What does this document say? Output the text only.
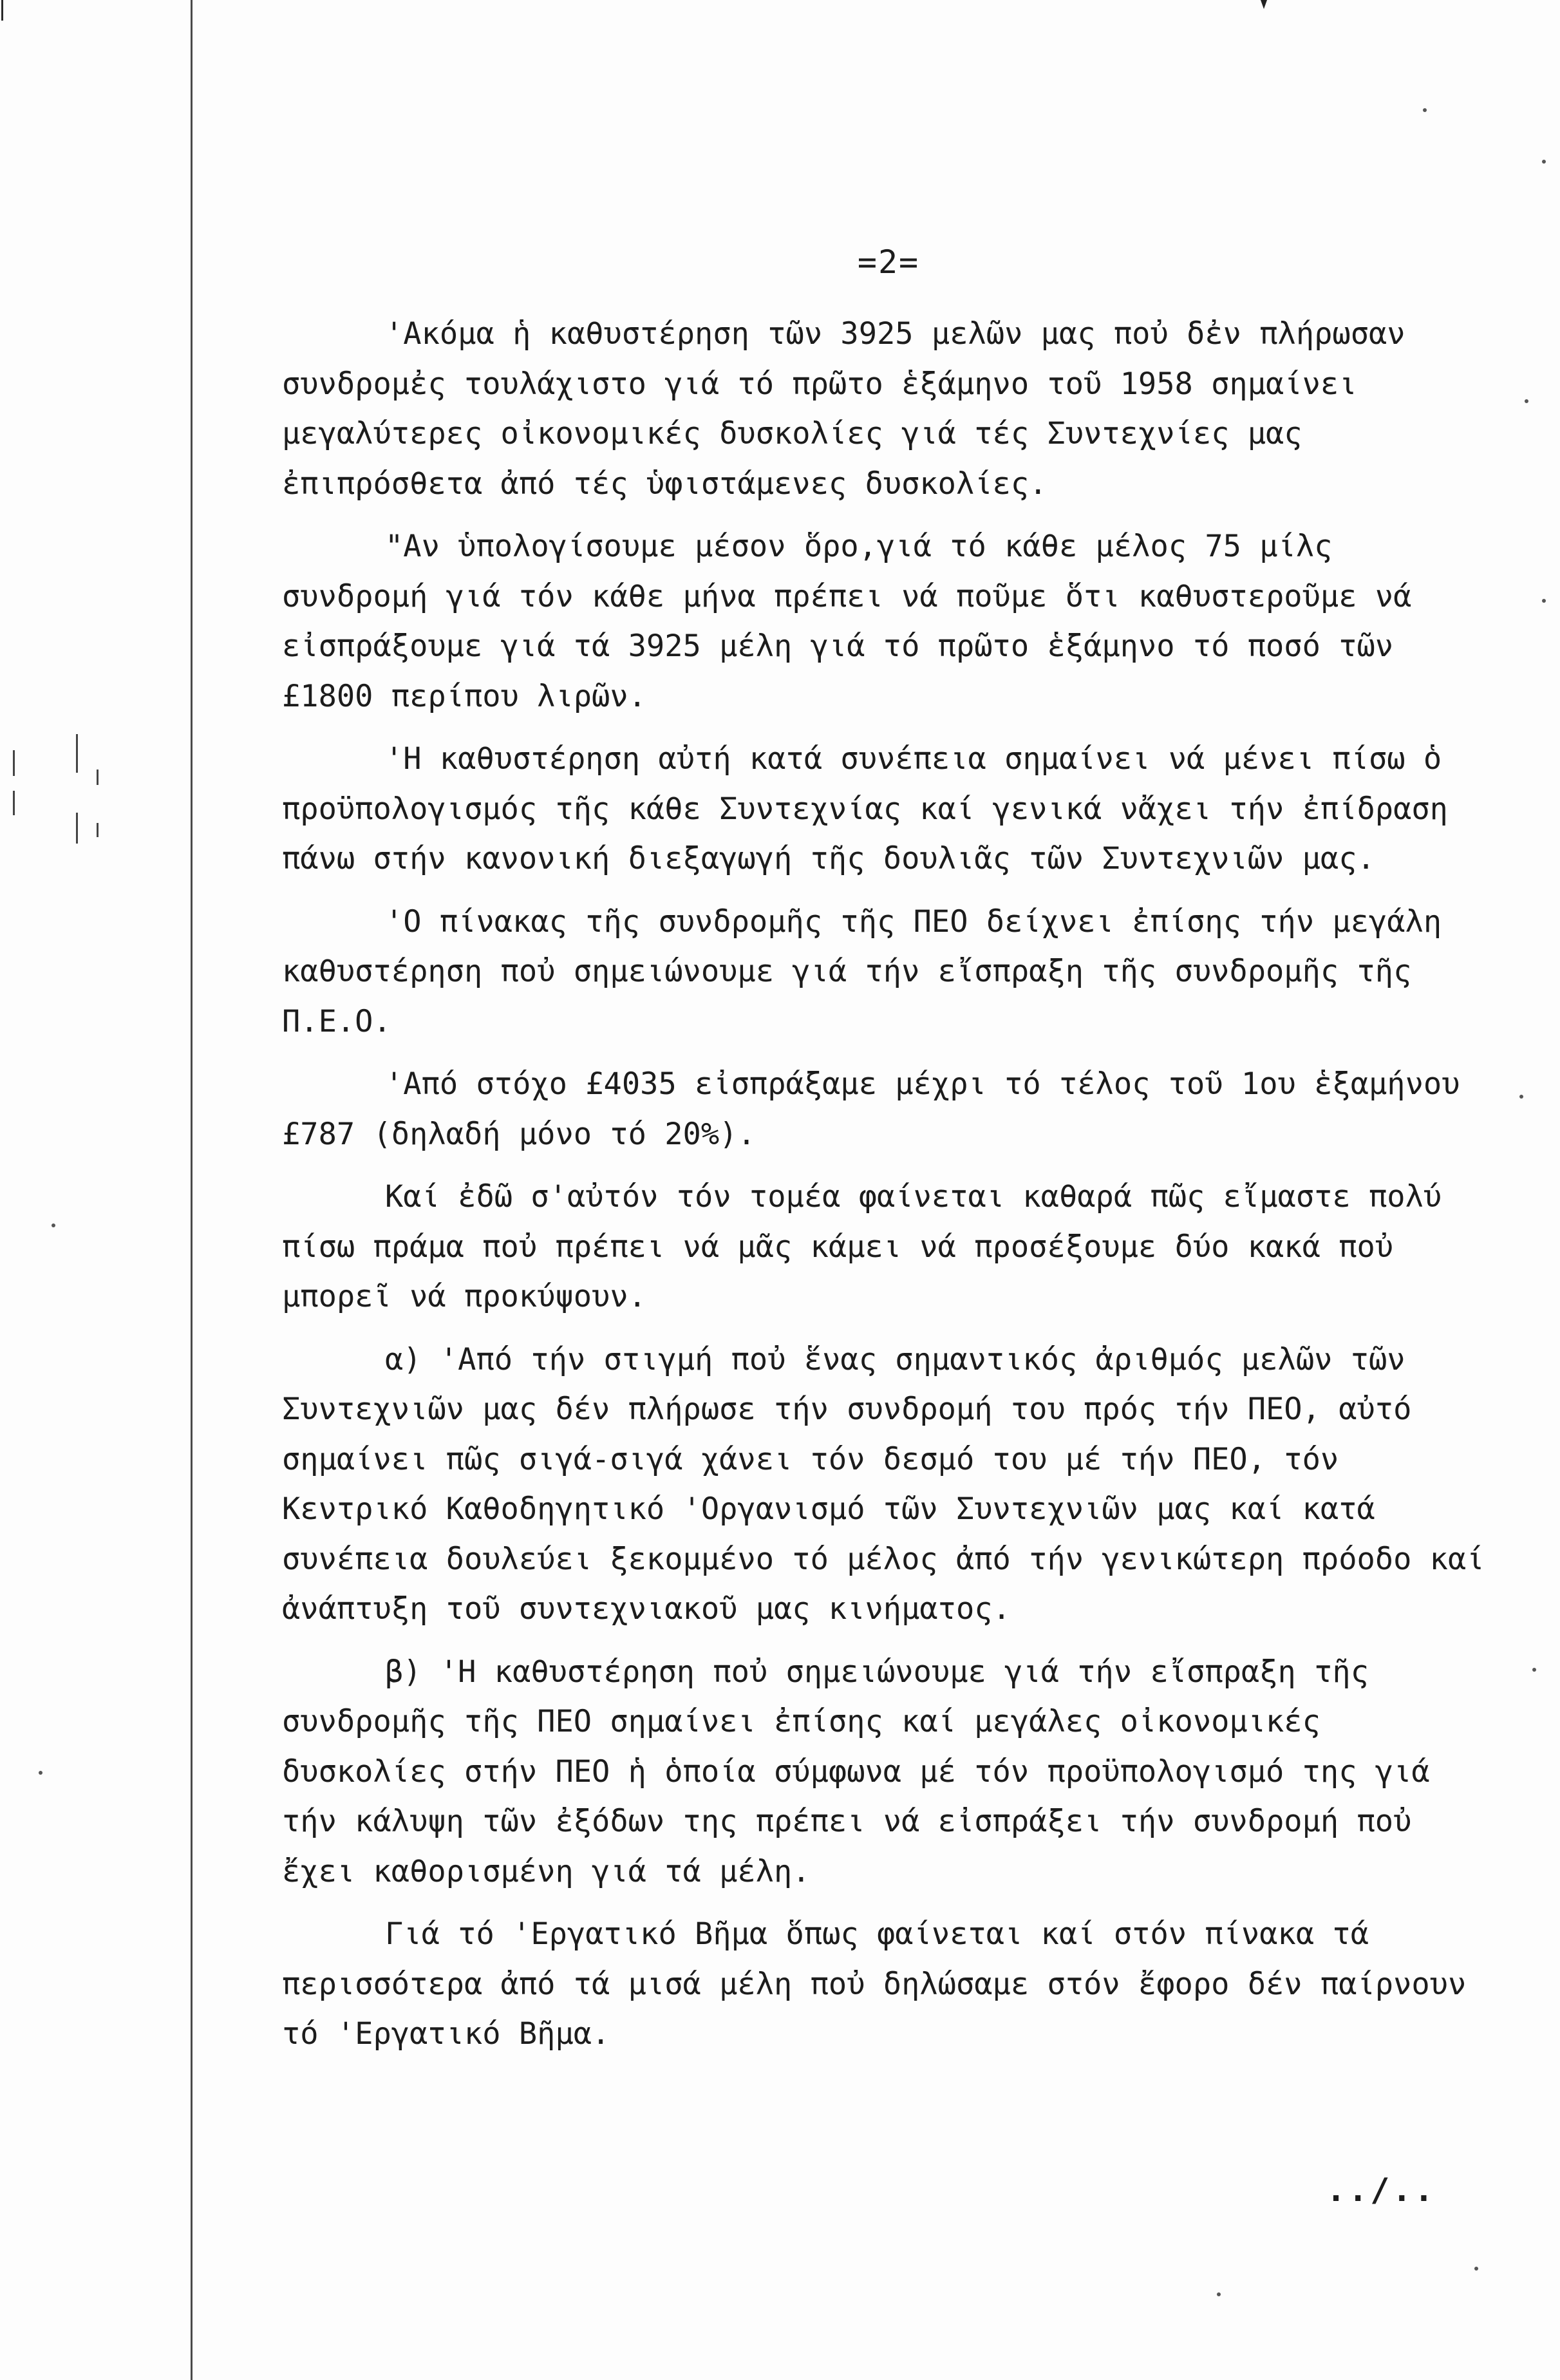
=2=

'Ακόμα ἡ καθυστέρηση τῶν 3925 μελῶν μας ποὐ δἐν πλήρωσαν συνδρομἐς τουλάχιστο γιά τό πρῶτο ἑξάμηνο τοῦ 1958 σημαίνει μεγαλύτερες οἰκονομικές δυσκολίες γιά τές Συντεχνίες μας ἐπιπρόσθετα ἀπό τές ὑφιστάμενες δυσκολίες.

"Αν ὑπολογίσουμε μέσον ὅρο,γιά τό κάθε μέλος 75 μίλς συνδρομή γιά τόν κάθε μήνα πρέπει νά ποῦμε ὅτι καθυστεροῦμε νά εἰσπράξουμε γιά τά 3925 μέλη γιά τό πρῶτο ἑξάμηνο τό ποσό τῶν £1800 περίπου λιρῶν.

'Η καθυστέρηση αὐτή κατά συνέπεια σημαίνει νά μένει πίσω ὁ προϋπολογισμός τῆς κάθε Συντεχνίας καί γενικά νἄχει τήν ἐπίδραση πάνω στήν κανονική διεξαγωγή τῆς δουλιᾶς τῶν Συντεχνιῶν μας.

'Ο πίνακας τῆς συνδρομῆς τῆς ΠΕΟ δείχνει ἐπίσης τήν μεγάλη καθυστέρηση ποὐ σημειώνουμε γιά τήν εἴσπραξη τῆς συνδρομῆς τῆς Π.Ε.Ο.

'Από στόχο £4035 εἰσπράξαμε μέχρι τό τέλος τοῦ 1ου ἑξαμήνου £787 (δηλαδή μόνο τό 20%).

Καί ἐδῶ σ'αὐτόν τόν τομέα φαίνεται καθαρά πῶς εἴμαστε πολύ πίσω πράμα ποὐ πρέπει νά μᾶς κάμει νά προσέξουμε δύο κακά ποὐ μπορεῖ νά προκύψουν.

α) 'Από τήν στιγμή ποὐ ἕνας σημαντικός ἀριθμός μελῶν τῶν Συντεχνιῶν μας δέν πλήρωσε τήν συνδρομή του πρός τήν ΠΕΟ, αὐτό σημαίνει πῶς σιγά-σιγά χάνει τόν δεσμό του μέ τήν ΠΕΟ, τόν Κεντρικό Καθοδηγητικό 'Οργανισμό τῶν Συντεχνιῶν μας καί κατά συνέπεια δουλεύει ξεκομμένο τό μέλος ἀπό τήν γενικώτερη πρόοδο καί ἀνάπτυξη τοῦ συντεχνιακοῦ μας κινήματος.

β) 'Η καθυστέρηση ποὐ σημειώνουμε γιά τήν εἴσπραξη τῆς συνδρομῆς τῆς ΠΕΟ σημαίνει ἐπίσης καί μεγάλες οἰκονομικές δυσκολίες στήν ΠΕΟ ἡ ὁποία σύμφωνα μέ τόν προϋπολογισμό της γιά τήν κάλυψη τῶν ἐξόδων της πρέπει νά εἰσπράξει τήν συνδρομή ποὐ ἔχει καθορισμένη γιά τά μέλη.

Γιά τό 'Εργατικό Βῆμα ὅπως φαίνεται καί στόν πίνακα τά περισσότερα ἀπό τά μισά μέλη ποὐ δηλώσαμε στόν ἔφορο δέν παίρνουν τό 'Εργατικό Βῆμα.

../..
